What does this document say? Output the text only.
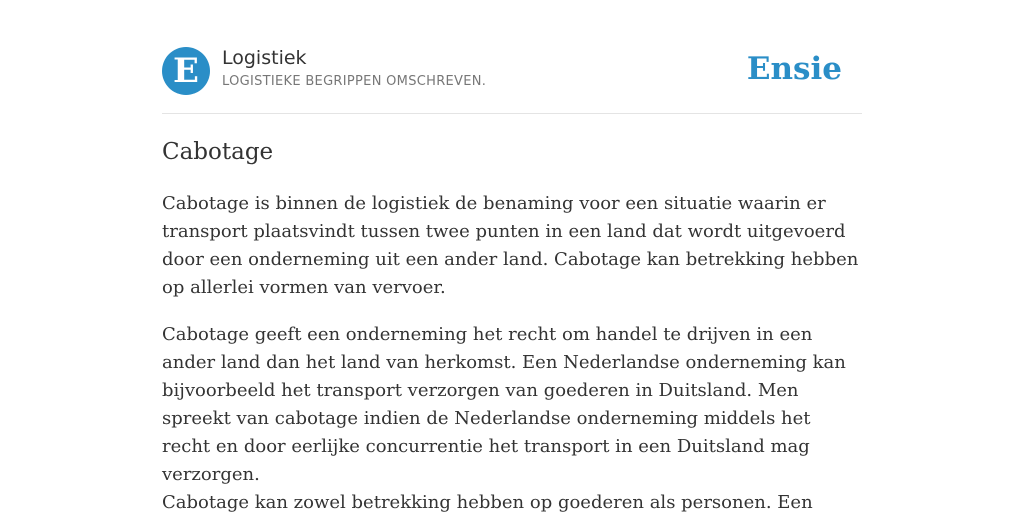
E	Logistiek
LOGISTIEKE BEGRIPPEN OMSCHREVEN.	Ensie
Cabotage

Cabotage is binnen de logistiek de benaming voor een situatie waarin er transport plaatsvindt tussen twee punten in een land dat wordt uitgevoerd door een onderneming uit een ander land. Cabotage kan betrekking hebben op allerlei vormen van vervoer.

Cabotage geeft een onderneming het recht om handel te drijven in een ander land dan het land van herkomst. Een Nederlandse onderneming kan bijvoorbeeld het transport verzorgen van goederen in Duitsland. Men spreekt van cabotage indien de Nederlandse onderneming middels het recht en door eerlijke concurrentie het transport in een Duitsland mag verzorgen.

Cabotage kan zowel betrekking hebben op goederen als personen. Een
